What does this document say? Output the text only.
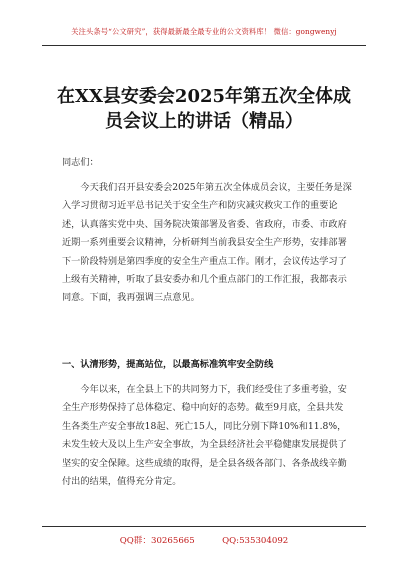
关注头条号“公文研究”，获得最新最全最专业的公文资料库！ 微信：gongwenyj
在XX县安委会2025年第五次全体成
员会议上的讲话（精品）
同志们：
今天我们召开县安委会2025年第五次全体成员会议，主要任务是深入学习贯彻习近平总书记关于安全生产和防灾减灾救灾工作的重要论述，认真落实党中央、国务院决策部署及省委、省政府，市委、市政府近期一系列重要会议精神，分析研判当前我县安全生产形势，安排部署下一阶段特别是第四季度的安全生产重点工作。刚才，会议传达学习了上级有关精神，听取了县安委办和几个重点部门的工作汇报，我都表示同意。下面，我再强调三点意见。
一、认清形势，提高站位，以最高标准筑牢安全防线
今年以来，在全县上下的共同努力下，我们经受住了多重考验，安全生产形势保持了总体稳定、稳中向好的态势。截至9月底，全县共发生各类生产安全事故18起、死亡15人，同比分别下降10%和11.8%，未发生较大及以上生产安全事故，为全县经济社会平稳健康发展提供了坚实的安全保障。这些成绩的取得，是全县各级各部门、各条战线辛勤付出的结果，值得充分肯定。
QQ群：30265665	QQ:535304092
